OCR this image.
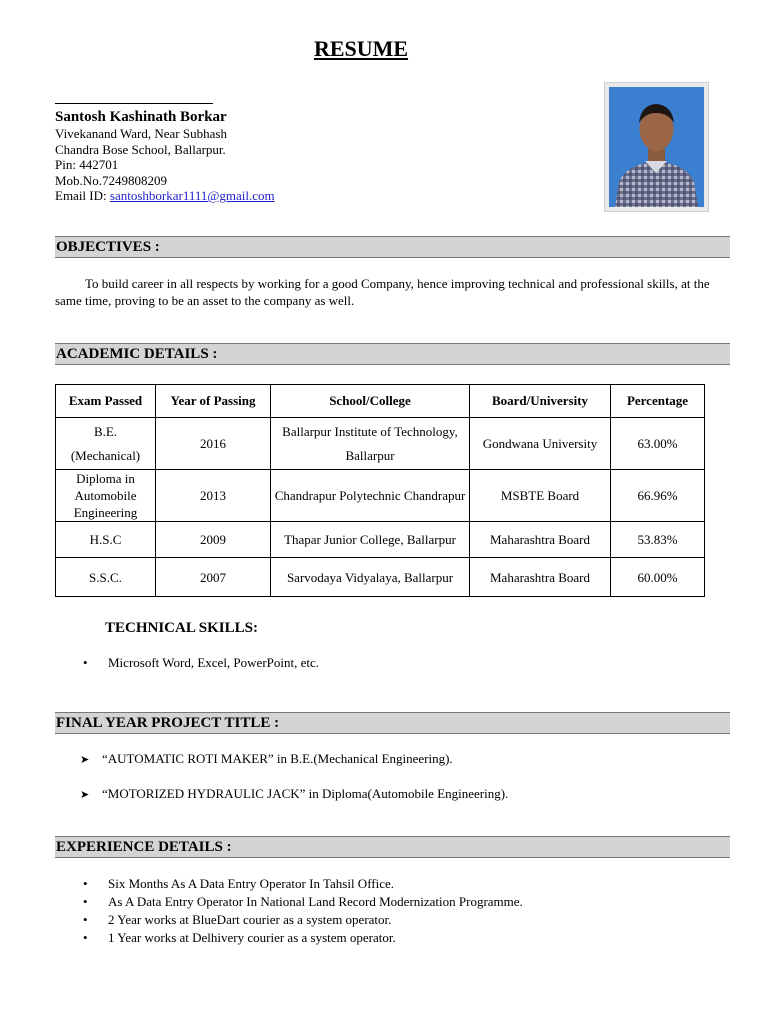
RESUME
Santosh Kashinath Borkar
Vivekanand Ward, Near Subhash
Chandra Bose School, Ballarpur.
Pin: 442701
Mob.No.7249808209
Email ID: santoshborkar1111@gmail.com
OBJECTIVES :
To build career in all respects by working for a good Company, hence improving technical and professional skills, at the same time, proving to be an asset to the company as well.
ACADEMIC DETAILS :
Exam Passed	Year of Passing	School/College	Board/University	Percentage
B.E. (Mechanical)	2016	Ballarpur Institute of Technology, Ballarpur	Gondwana University	63.00%
Diploma in Automobile Engineering	2013	Chandrapur Polytechnic Chandrapur	MSBTE Board	66.96%
H.S.C	2009	Thapar Junior College, Ballarpur	Maharashtra Board	53.83%
S.S.C.	2007	Sarvodaya Vidyalaya, Ballarpur	Maharashtra Board	60.00%
TECHNICAL SKILLS:
• Microsoft Word, Excel, PowerPoint, etc.
FINAL YEAR PROJECT TITLE :
➤ “AUTOMATIC ROTI MAKER” in B.E.(Mechanical Engineering).
➤ “MOTORIZED HYDRAULIC JACK” in Diploma(Automobile Engineering).
EXPERIENCE DETAILS :
• Six Months As A Data Entry Operator In Tahsil Office.
• As A Data Entry Operator In National Land Record Modernization Programme.
• 2 Year works at BlueDart courier as a system operator.
• 1 Year works at Delhivery courier as a system operator.
